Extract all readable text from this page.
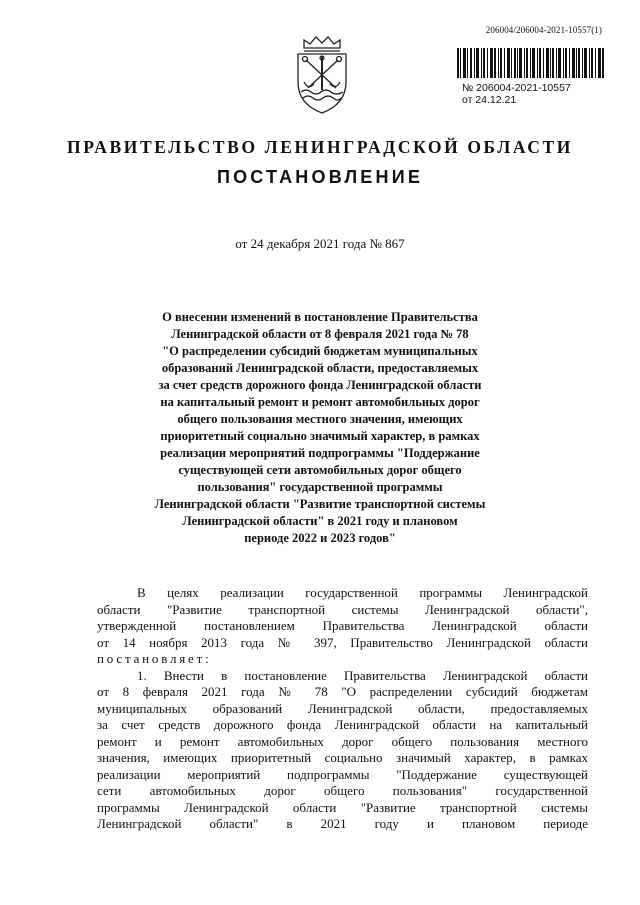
206004/206004-2021-10557(1)
№ 206004-2021-10557
от 24.12.21
ПРАВИТЕЛЬСТВО ЛЕНИНГРАДСКОЙ ОБЛАСТИ
ПОСТАНОВЛЕНИЕ
от 24 декабря 2021 года № 867
О внесении изменений в постановление Правительства
Ленинградской области от 8 февраля 2021 года № 78
"О распределении субсидий бюджетам муниципальных
образований Ленинградской области, предоставляемых
за счет средств дорожного фонда Ленинградской области
на капитальный ремонт и ремонт автомобильных дорог
общего пользования местного значения, имеющих
приоритетный социально значимый характер, в рамках
реализации мероприятий подпрограммы "Поддержание
существующей сети автомобильных дорог общего
пользования" государственной программы
Ленинградской области "Развитие транспортной системы
Ленинградской области" в 2021 году и плановом
периоде 2022 и 2023 годов"
В целях реализации государственной программы Ленинградской
области "Развитие транспортной системы Ленинградской области",
утвержденной постановлением Правительства Ленинградской области
от 14 ноября 2013 года № 397, Правительство Ленинградской области
постановляет:
1. Внести в постановление Правительства Ленинградской области
от 8 февраля 2021 года № 78 "О распределении субсидий бюджетам
муниципальных образований Ленинградской области, предоставляемых
за счет средств дорожного фонда Ленинградской области на капитальный
ремонт и ремонт автомобильных дорог общего пользования местного
значения, имеющих приоритетный социально значимый характер, в рамках
реализации мероприятий подпрограммы "Поддержание существующей
сети автомобильных дорог общего пользования" государственной
программы Ленинградской области "Развитие транспортной системы
Ленинградской области" в 2021 году и плановом периоде
